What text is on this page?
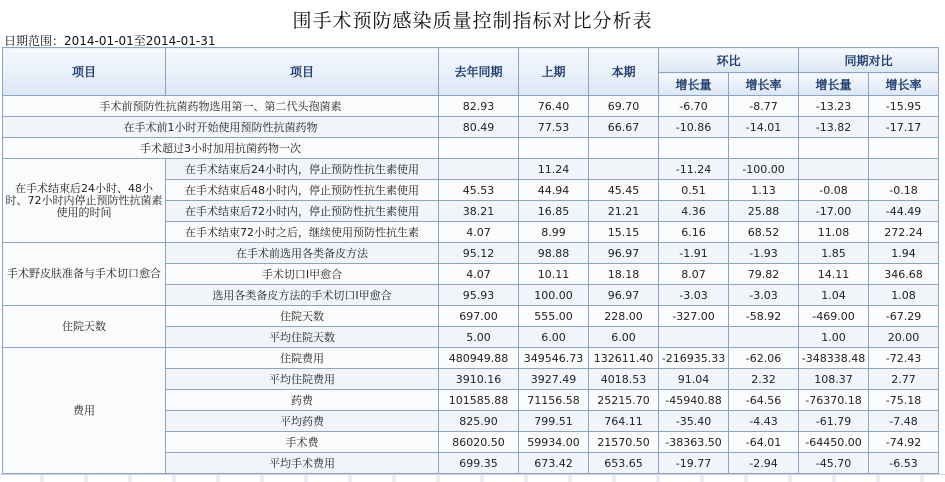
围手术预防感染质量控制指标对比分析表
日期范围：2014-01-01至2014-01-31
项目	项目	去年同期	上期	本期	环比		同期对比	
					增长量	增长率	增长量	增长率
手术前预防性抗菌药物选用第一、第二代头孢菌素		82.93	76.40	69.70	-6.70	-8.77	-13.23	-15.95
在手术前1小时开始使用预防性抗菌药物		80.49	77.53	66.67	-10.86	-14.01	-13.82	-17.17
手术超过3小时加用抗菌药物一次								
在手术结束后24小时、48小时、72小时内停止预防性抗菌素使用的时间	在手术结束后24小时内，停止预防性抗生素使用		11.24		-11.24	-100.00		
	在手术结束后48小时内，停止预防性抗生素使用	45.53	44.94	45.45	0.51	1.13	-0.08	-0.18
	在手术结束后72小时内，停止预防性抗生素使用	38.21	16.85	21.21	4.36	25.88	-17.00	-44.49
	在手术结束72小时之后，继续使用预防性抗生素	4.07	8.99	15.15	6.16	68.52	11.08	272.24
手术野皮肤准备与手术切口愈合	在手术前选用各类备皮方法	95.12	98.88	96.97	-1.91	-1.93	1.85	1.94
	手术切口Ⅰ甲愈合	4.07	10.11	18.18	8.07	79.82	14.11	346.68
	选用各类备皮方法的手术切口Ⅰ甲愈合	95.93	100.00	96.97	-3.03	-3.03	1.04	1.08
住院天数	住院天数	697.00	555.00	228.00	-327.00	-58.92	-469.00	-67.29
	平均住院天数	5.00	6.00	6.00			1.00	20.00
费用	住院费用	480949.88	349546.73	132611.40	-216935.33	-62.06	-348338.48	-72.43
	平均住院费用	3910.16	3927.49	4018.53	91.04	2.32	108.37	2.77
	药费	101585.88	71156.58	25215.70	-45940.88	-64.56	-76370.18	-75.18
	平均药费	825.90	799.51	764.11	-35.40	-4.43	-61.79	-7.48
	手术费	86020.50	59934.00	21570.50	-38363.50	-64.01	-64450.00	-74.92
	平均手术费用	699.35	673.42	653.65	-19.77	-2.94	-45.70	-6.53
